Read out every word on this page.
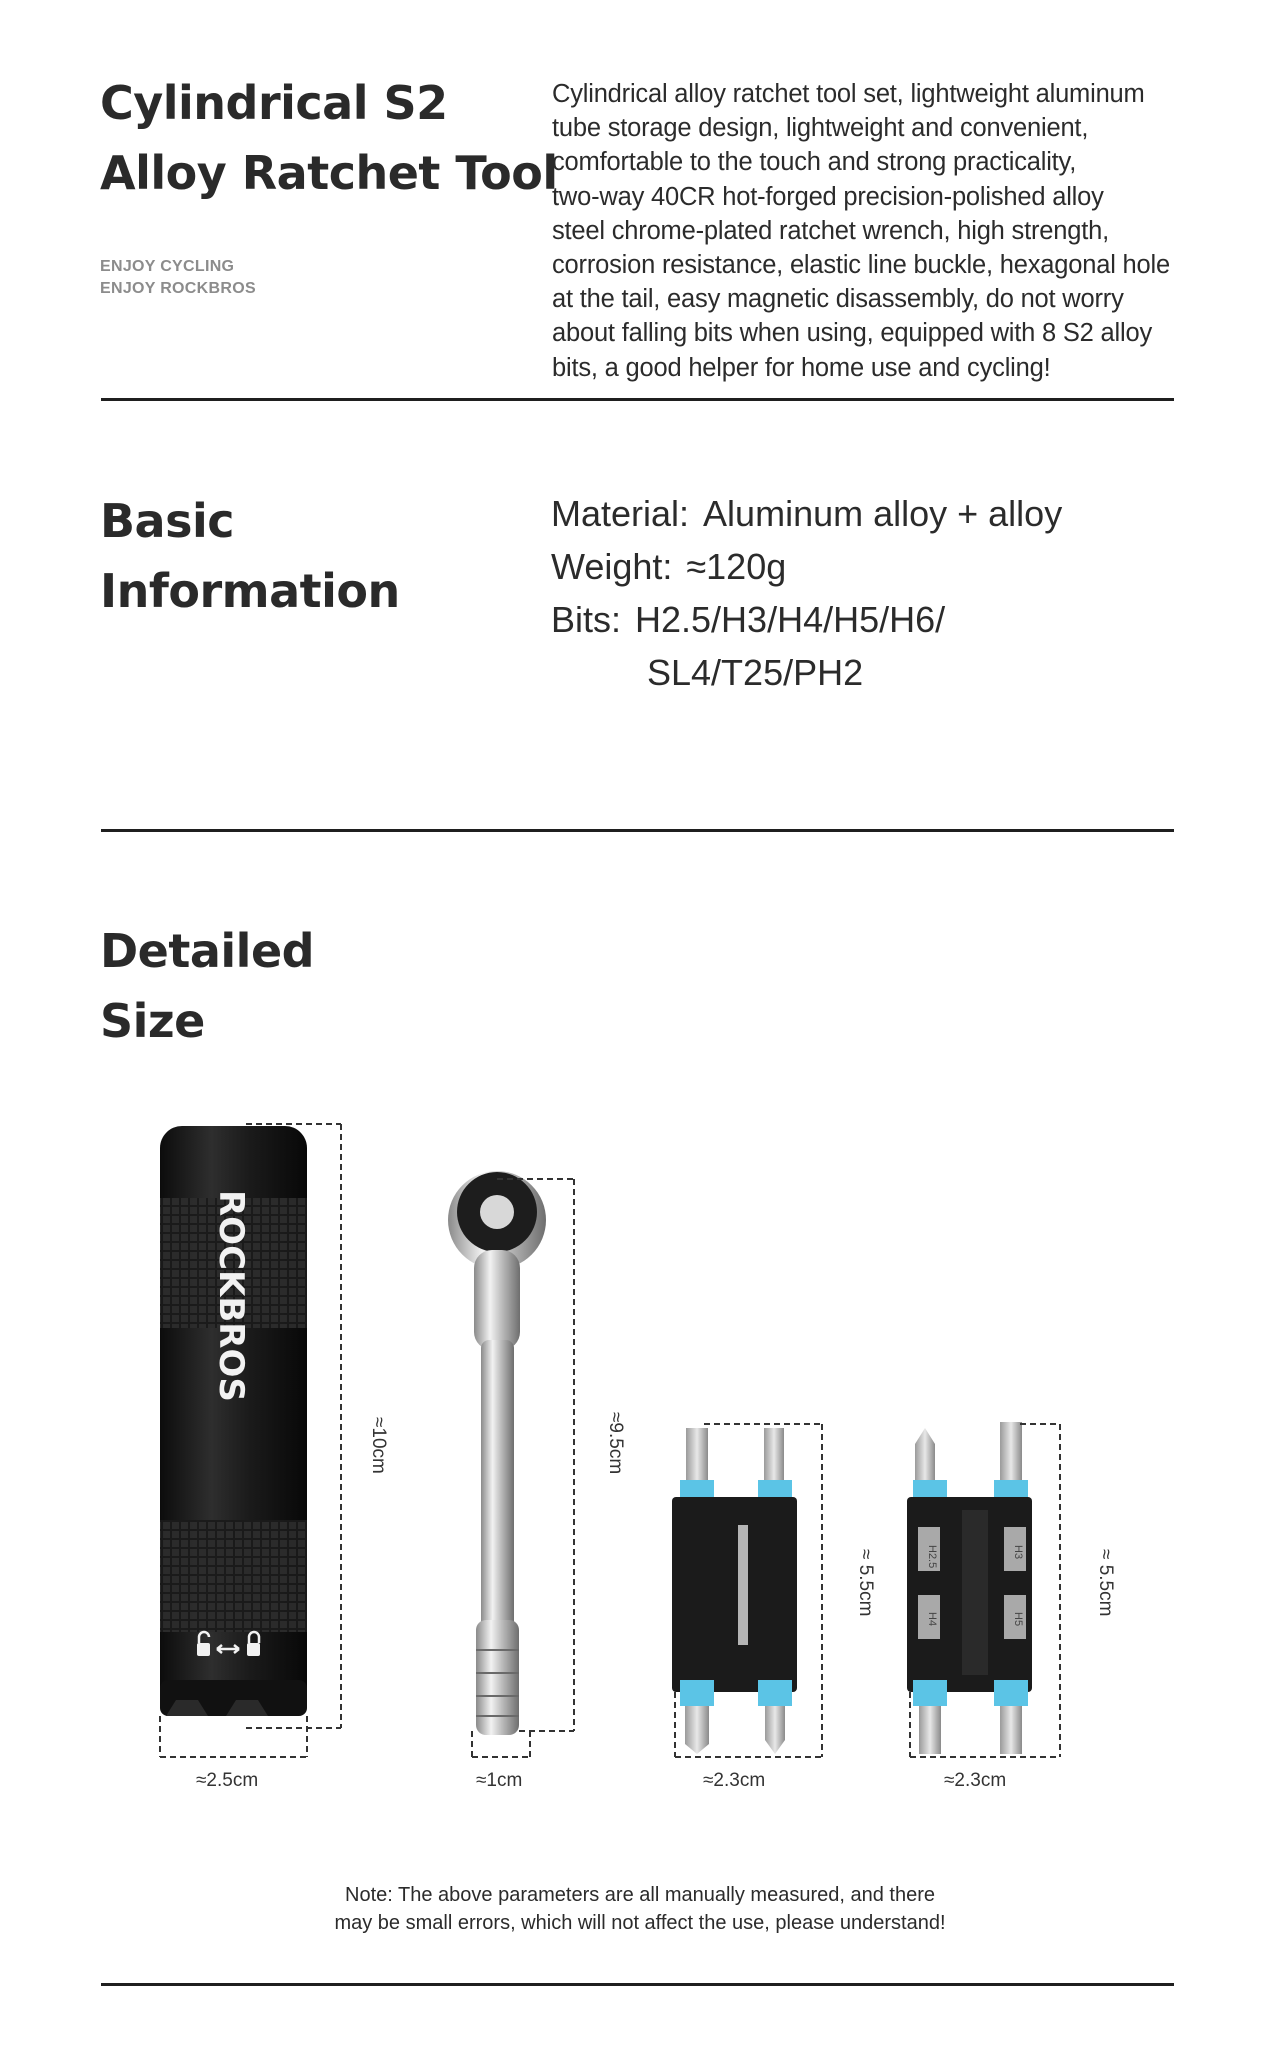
Cylindrical S2
Alloy Ratchet Tool
ENJOY CYCLING
ENJOY ROCKBROS
Cylindrical alloy ratchet tool set, lightweight aluminum
tube storage design, lightweight and convenient,
comfortable to the touch and strong practicality,
two-way 40CR hot-forged precision-polished alloy
steel chrome-plated ratchet wrench, high strength,
corrosion resistance, elastic line buckle, hexagonal hole
at the tail, easy magnetic disassembly, do not worry
about falling bits when using, equipped with 8 S2 alloy
bits, a good helper for home use and cycling!
Basic
Information
Material: Aluminum alloy + alloy
Weight: ≈120g
Bits: H2.5/H3/H4/H5/H6/
SL4/T25/PH2
Detailed
Size
ROCKBROS
H2.5	H3
H4	H5
≈10cm
≈2.5cm
≈9.5cm
≈1cm
≈ 5.5cm
≈2.3cm
≈ 5.5cm
≈2.3cm
Note: The above parameters are all manually measured, and there
may be small errors, which will not affect the use, please understand!
